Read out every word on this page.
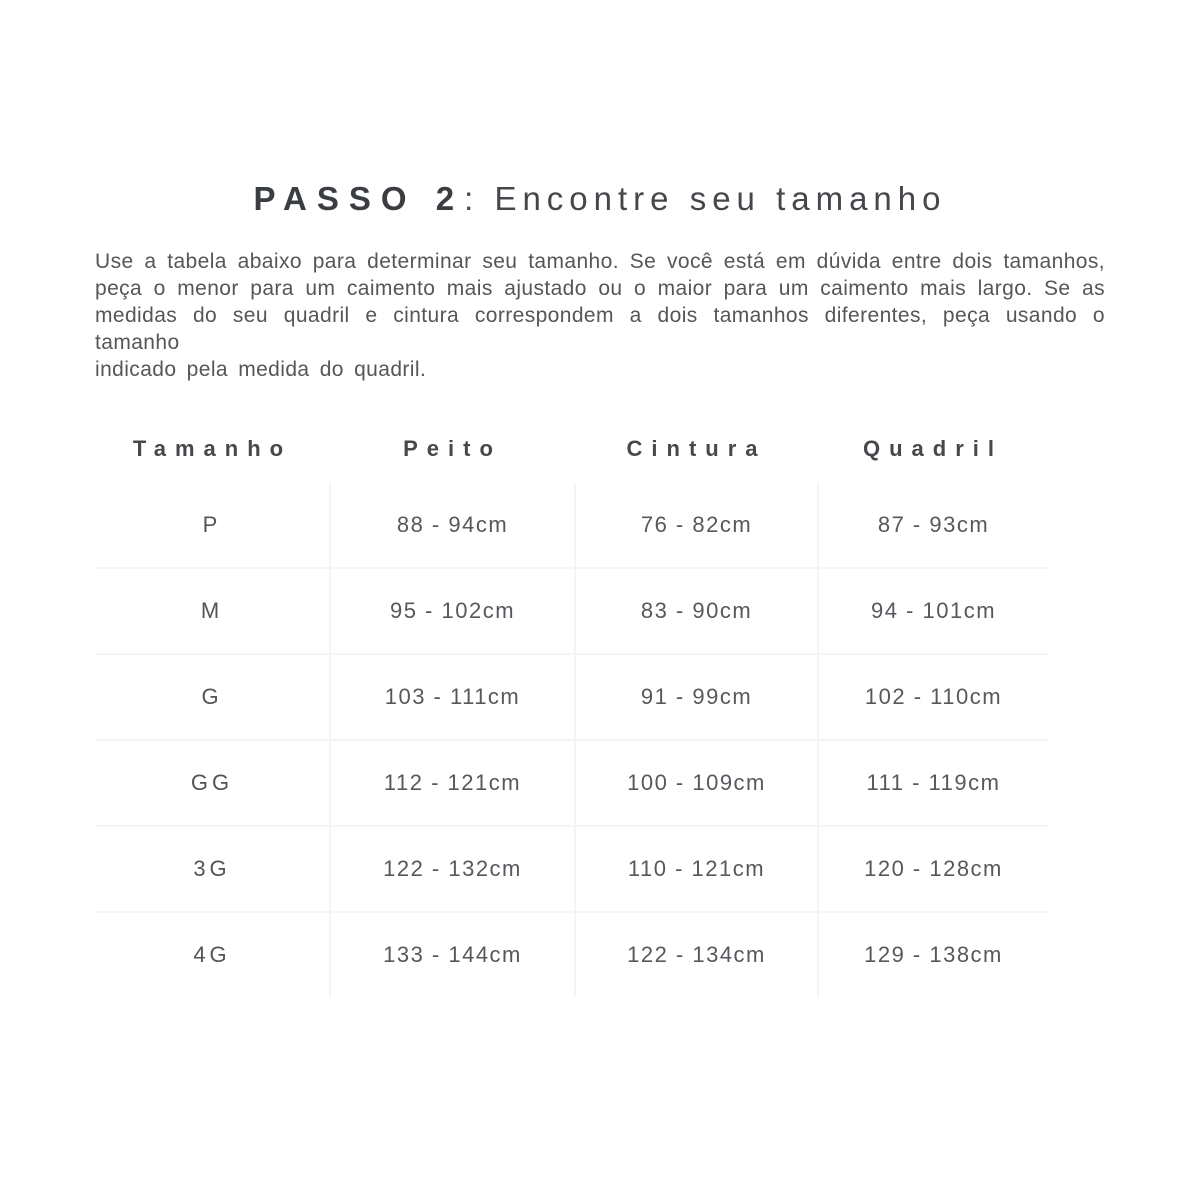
PASSO 2: Encontre seu tamanho

Use a tabela abaixo para determinar seu tamanho. Se você está em dúvida entre dois tamanhos,
peça o menor para um caimento mais ajustado ou o maior para um caimento mais largo. Se as
medidas do seu quadril e cintura correspondem a dois tamanhos diferentes, peça usando o tamanho
indicado pela medida do quadril.

Tamanho	Peito	Cintura	Quadril
P	88 - 94cm	76 - 82cm	87 - 93cm
M	95 - 102cm	83 - 90cm	94 - 101cm
G	103 - 111cm	91 - 99cm	102 - 110cm
GG	112 - 121cm	100 - 109cm	111 - 119cm
3G	122 - 132cm	110 - 121cm	120 - 128cm
4G	133 - 144cm	122 - 134cm	129 - 138cm
